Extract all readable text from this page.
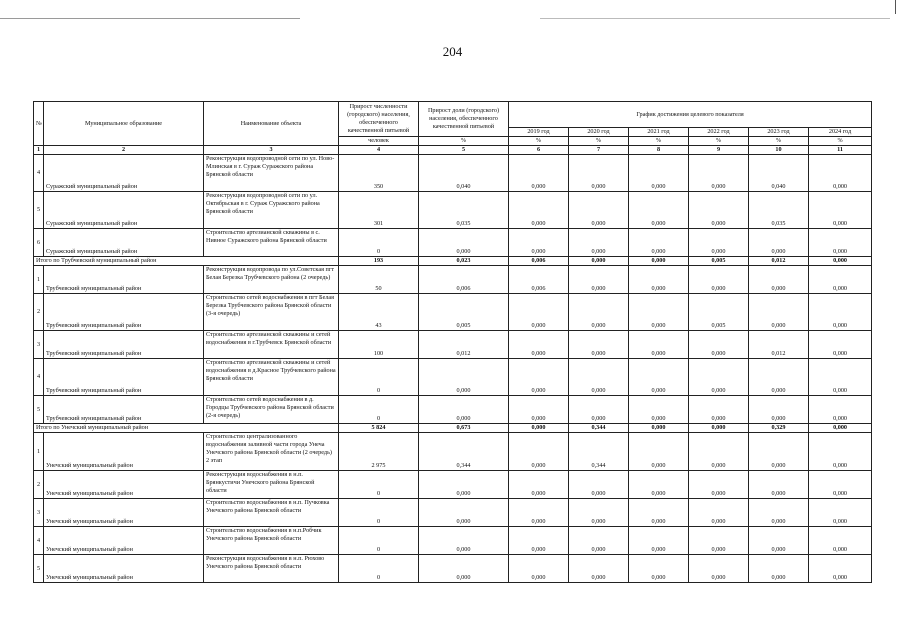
204
№	Муниципальное образование	Наименование объекта	Прирост численности (городского) населения, обеспеченного качественной питьевой	Прирост доли (городского) населения, обеспеченного качественной питьевой	График достижения целевого показателя					
					2019 год	2020 год	2021 год	2022 год	2023 год	2024 год
			человек	%	%	%	%	%	%	%
1	2	3	4	5	6	7	8	9	10	11
4	Суражский муниципальный район	Реконструкция водопроводной сети по ул. Ново-Млинская в г. Сураж Суражского района Брянской области	350	0,040	0,000	0,000	0,000	0,000	0,040	0,000
5	Суражский муниципальный район	Реконструкция водопроводной сети по ул. Октябрьская в г. Сураж Суражского района Брянской области	301	0,035	0,000	0,000	0,000	0,000	0,035	0,000
6	Суражский муниципальный район	Строительство артезианской скважины в с. Нивное Суражского района Брянской области	0	0,000	0,000	0,000	0,000	0,000	0,000	0,000
Итого по Трубчевский муниципальный район			193	0,023	0,006	0,000	0,000	0,005	0,012	0,000
1	Трубчевский муниципальный район	Реконструкция водопровода по ул.Советская пгт Белая Березка Трубчевского района (2 очередь)	50	0,006	0,006	0,000	0,000	0,000	0,000	0,000
2	Трубчевский муниципальный район	Строительство сетей водоснабжения в пгт Белая Березка Трубчевского района Брянской области (3-я очередь)	43	0,005	0,000	0,000	0,000	0,005	0,000	0,000
3	Трубчевский муниципальный район	Строительство артезианской скважины и сетей водоснабжения в г.Трубчевск Брянской области	100	0,012	0,000	0,000	0,000	0,000	0,012	0,000
4	Трубчевский муниципальный район	Строительство артезианской скважины и сетей водоснабжения в д.Красное Трубчевского района Брянской области	0	0,000	0,000	0,000	0,000	0,000	0,000	0,000
5	Трубчевский муниципальный район	Строительство сетей водоснабжения в д. Городцы Трубчевского района Брянской области (2-я очередь)	0	0,000	0,000	0,000	0,000	0,000	0,000	0,000
Итого по Унечский муниципальный район			5 824	0,673	0,000	0,344	0,000	0,000	0,329	0,000
1	Унечский муниципальный район	Строительство централизованного водоснабжения заливной части города Унеча Унечского района Брянской области (2 очередь) 2 этап	2 975	0,344	0,000	0,344	0,000	0,000	0,000	0,000
2	Унечский муниципальный район	Реконструкция водоснабжения в н.п. Брянкустичи Унечского района Брянской области	0	0,000	0,000	0,000	0,000	0,000	0,000	0,000
3	Унечский муниципальный район	Строительство водоснабжения в н.п. Пучковка Унечского района Брянской области	0	0,000	0,000	0,000	0,000	0,000	0,000	0,000
4	Унечский муниципальный район	Строительство водоснабжения в н.п.Робчик Унечского района Брянской области	0	0,000	0,000	0,000	0,000	0,000	0,000	0,000
5	Унечский муниципальный район	Реконструкция водоснабжения в н.п. Рюхово Унечского района Брянской области	0	0,000	0,000	0,000	0,000	0,000	0,000	0,000
